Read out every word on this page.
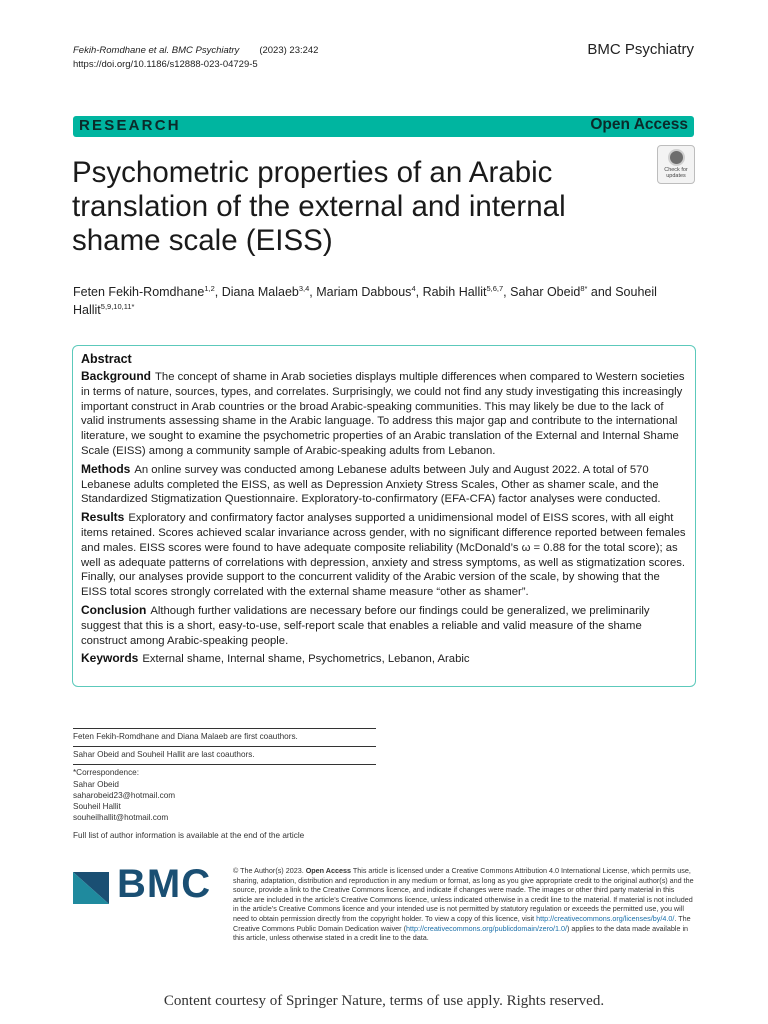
Fekih-Romdhane et al. BMC Psychiatry (2023) 23:242
https://doi.org/10.1186/s12888-023-04729-5
BMC Psychiatry
RESEARCH	Open Access
Check for
updates
Psychometric properties of an Arabic translation of the external and internal shame scale (EISS)
Feten Fekih-Romdhane$^{1,2}$, Diana Malaeb$^{3,4}$, Mariam Dabbous$^4$, Rabih Hallit$^{5,6,7}$, Sahar Obeid$^{8*}$ and Souheil Hallit$^{5,9,10,11*}$
Abstract

Background The concept of shame in Arab societies displays multiple differences when compared to Western societies in terms of nature, sources, types, and correlates. Surprisingly, we could not find any study investigating this increasingly important construct in Arab countries or the broad Arabic-speaking communities. This may likely be due to the lack of valid instruments assessing shame in the Arabic language. To address this major gap and contribute to the international literature, we sought to examine the psychometric properties of an Arabic translation of the External and Internal Shame Scale (EISS) among a community sample of Arabic-speaking adults from Lebanon.

Methods An online survey was conducted among Lebanese adults between July and August 2022. A total of 570 Lebanese adults completed the EISS, as well as Depression Anxiety Stress Scales, Other as shamer scale, and the Standardized Stigmatization Questionnaire. Exploratory-to-confirmatory (EFA-CFA) factor analyses were conducted.

Results Exploratory and confirmatory factor analyses supported a unidimensional model of EISS scores, with all eight items retained. Scores achieved scalar invariance across gender, with no significant difference reported between females and males. EISS scores were found to have adequate composite reliability (McDonald’s ω = 0.88 for the total score); as well as adequate patterns of correlations with depression, anxiety and stress symptoms, as well as stigmatization scores. Finally, our analyses provide support to the concurrent validity of the Arabic version of the scale, by showing that the EISS total scores strongly correlated with the external shame measure “other as shamer”.

Conclusion Although further validations are necessary before our findings could be generalized, we preliminarily suggest that this is a short, easy-to-use, self-report scale that enables a reliable and valid measure of the shame construct among Arabic-speaking people.

Keywords External shame, Internal shame, Psychometrics, Lebanon, Arabic

Feten Fekih-Romdhane and Diana Malaeb are first coauthors.
Sahar Obeid and Souheil Hallit are last coauthors.
*Correspondence:
Sahar Obeid
saharobeid23@hotmail.com
Souheil Hallit
souheilhallit@hotmail.com
Full list of author information is available at the end of the article
BMC	© The Author(s) 2023. Open Access This article is licensed under a Creative Commons Attribution 4.0 International License, which permits use, sharing, adaptation, distribution and reproduction in any medium or format, as long as you give appropriate credit to the original author(s) and the source, provide a link to the Creative Commons licence, and indicate if changes were made. The images or other third party material in this article are included in the article’s Creative Commons licence, unless indicated otherwise in a credit line to the material. If material is not included in the article’s Creative Commons licence and your intended use is not permitted by statutory regulation or exceeds the permitted use, you will need to obtain permission directly from the copyright holder. To view a copy of this licence, visit http://creativecommons.org/licenses/by/4.0/. The Creative Commons Public Domain Dedication waiver (http://creativecommons.org/publicdomain/zero/1.0/) applies to the data made available in this article, unless otherwise stated in a credit line to the data.
Content courtesy of Springer Nature, terms of use apply. Rights reserved.
